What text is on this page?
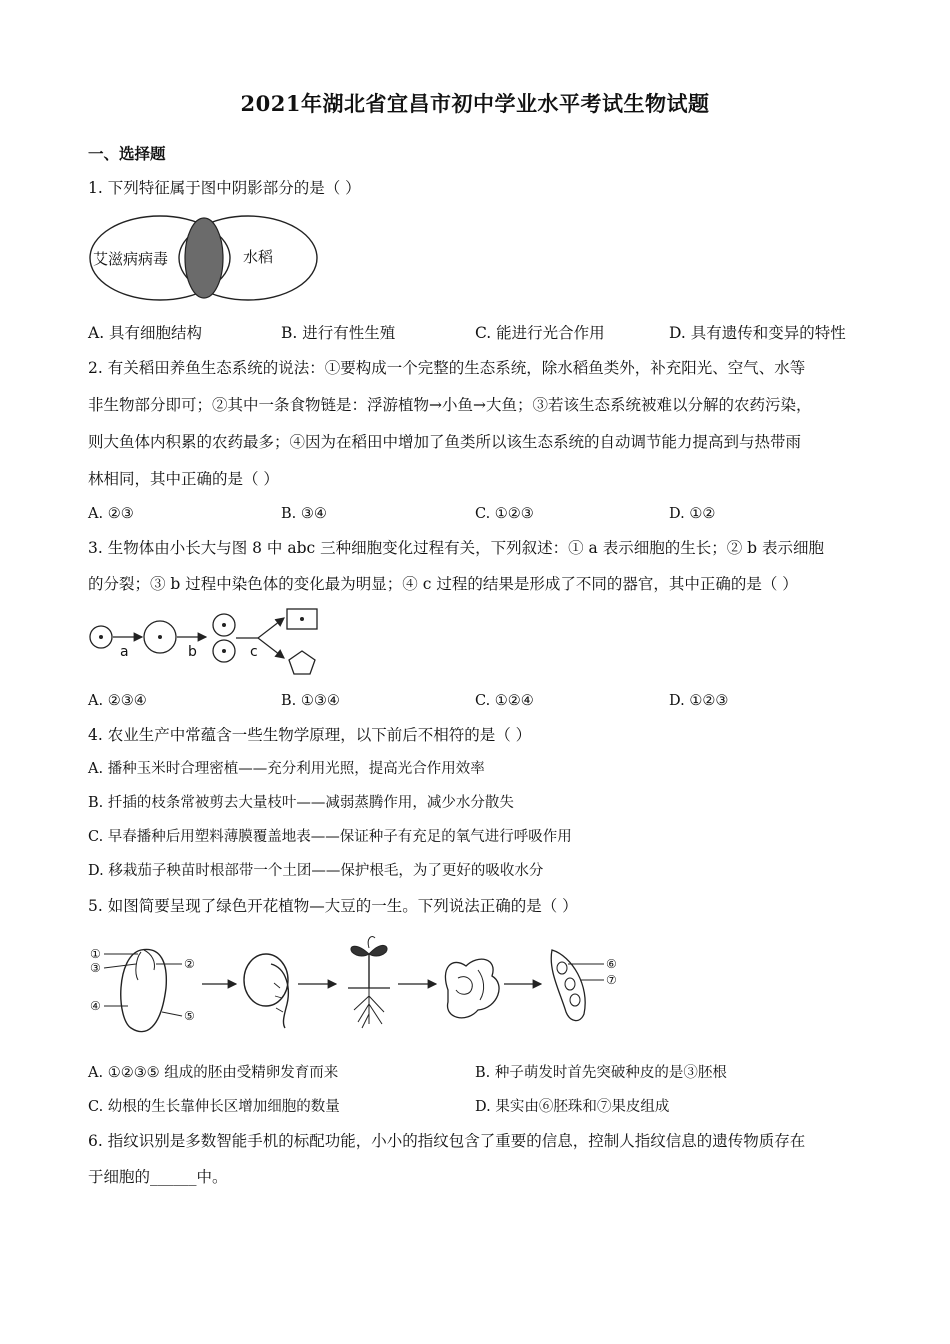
2021年湖北省宜昌市初中学业水平考试生物试题
一、选择题
1. 下列特征属于图中阴影部分的是（ ）
艾滋病病毒	水稻
A. 具有细胞结构	B. 进行有性生殖	C. 能进行光合作用	D. 具有遗传和变异的特性
2. 有关稻田养鱼生态系统的说法：①要构成一个完整的生态系统，除水稻鱼类外，补充阳光、空气、水等
非生物部分即可；②其中一条食物链是：浮游植物→小鱼→大鱼；③若该生态系统被难以分解的农药污染，
则大鱼体内积累的农药最多；④因为在稻田中增加了鱼类所以该生态系统的自动调节能力提高到与热带雨
林相同，其中正确的是（ ）
A. ②③	B. ③④	C. ①②③	D. ①②
3. 生物体由小长大与图 8 中 abc 三种细胞变化过程有关，下列叙述：① a 表示细胞的生长；② b 表示细胞
的分裂；③ b 过程中染色体的变化最为明显；④ c 过程的结果是形成了不同的器官，其中正确的是（ ）
a	b	c
A. ②③④	B. ①③④	C. ①②④	D. ①②③
4. 农业生产中常蕴含一些生物学原理，以下前后不相符的是（ ）
A. 播种玉米时合理密植——充分利用光照，提高光合作用效率
B. 扦插的枝条常被剪去大量枝叶——减弱蒸腾作用，减少水分散失
C. 早春播种后用塑料薄膜覆盖地表——保证种子有充足的氧气进行呼吸作用
D. 移栽茄子秧苗时根部带一个土团——保护根毛，为了更好的吸收水分
5. 如图简要呈现了绿色开花植物—大豆的一生。下列说法正确的是（ ）
①
③	②
④
⑤
⑥
⑦
A. ①②③⑤ 组成的胚由受精卵发育而来	B. 种子萌发时首先突破种皮的是③胚根
C. 幼根的生长靠伸长区增加细胞的数量	D. 果实由⑥胚珠和⑦果皮组成
6. 指纹识别是多数智能手机的标配功能，小小的指纹包含了重要的信息，控制人指纹信息的遗传物质存在
于细胞的______中。
